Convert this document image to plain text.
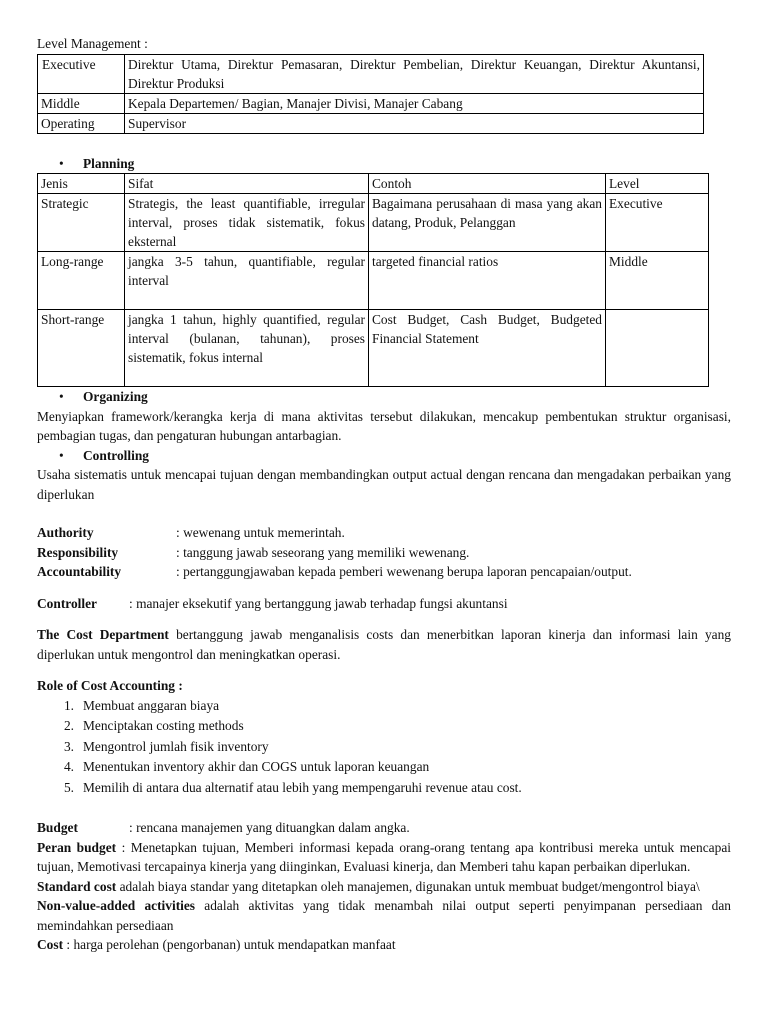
Level Management :
Executive	Direktur Utama, Direktur Pemasaran, Direktur Pembelian, Direktur Keuangan, Direktur Akuntansi, Direktur Produksi
Middle	Kepala Departemen/ Bagian, Manajer Divisi, Manajer Cabang
Operating	Supervisor
• Planning
Jenis	Sifat	Contoh	Level
Strategic	Strategis, the least quantifiable, irregular interval, proses tidak sistematik, fokus eksternal	Bagaimana perusahaan di masa yang akan datang, Produk, Pelanggan	Executive
Long-range	jangka 3-5 tahun, quantifiable, regular interval	targeted financial ratios	Middle
Short-range	jangka 1 tahun, highly quantified, regular interval (bulanan, tahunan), proses sistematik, fokus internal	Cost Budget, Cash Budget, Budgeted Financial Statement	
• Organizing
Menyiapkan framework/kerangka kerja di mana aktivitas tersebut dilakukan, mencakup pembentukan struktur organisasi, pembagian tugas, dan pengaturan hubungan antarbagian.
• Controlling
Usaha sistematis untuk mencapai tujuan dengan membandingkan output actual dengan rencana dan mengadakan perbaikan yang diperlukan
Authority	: wewenang untuk memerintah.
Responsibility	: tanggung jawab seseorang yang memiliki wewenang.
Accountability	: pertanggungjawaban kepada pemberi wewenang berupa laporan pencapaian/output.
Controller	: manajer eksekutif yang bertanggung jawab terhadap fungsi akuntansi
The Cost Department bertanggung jawab menganalisis costs dan menerbitkan laporan kinerja dan informasi lain yang diperlukan untuk mengontrol dan meningkatkan operasi.
Role of Cost Accounting :
1. Membuat anggaran biaya
2. Menciptakan costing methods
3. Mengontrol jumlah fisik inventory
4. Menentukan inventory akhir dan COGS untuk laporan keuangan
5. Memilih di antara dua alternatif atau lebih yang mempengaruhi revenue atau cost.
Budget	: rencana manajemen yang dituangkan dalam angka.
Peran budget : Menetapkan tujuan, Memberi informasi kepada orang-orang tentang apa kontribusi mereka untuk mencapai tujuan, Memotivasi tercapainya kinerja yang diinginkan, Evaluasi kinerja, dan Memberi tahu kapan perbaikan diperlukan.
Standard cost adalah biaya standar yang ditetapkan oleh manajemen, digunakan untuk membuat budget/mengontrol biaya\
Non-value-added activities adalah aktivitas yang tidak menambah nilai output seperti penyimpanan persediaan dan memindahkan persediaan
Cost : harga perolehan (pengorbanan) untuk mendapatkan manfaat
